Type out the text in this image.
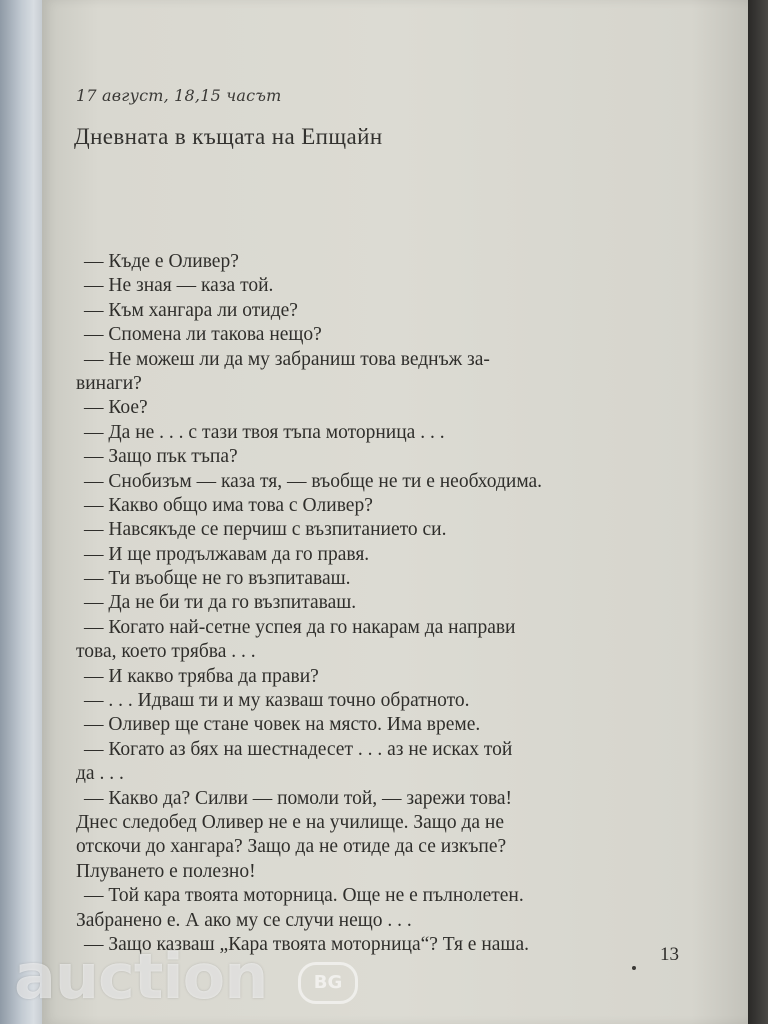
17 август, 18,15 часът
Дневната в къщата на Епщайн
— Къде е Оливер?
— Не зная — каза той.
— Към хангара ли отиде?
— Спомена ли такова нещо?
— Не можеш ли да му забраниш това веднъж за-
винаги?
— Кое?
— Да не . . . с тази твоя тъпа моторница . . .
— Защо пък тъпа?
— Снобизъм — каза тя, — въобще не ти е необходима.
— Какво общо има това с Оливер?
— Навсякъде се перчиш с възпитанието си.
— И ще продължавам да го правя.
— Ти въобще не го възпитаваш.
— Да не би ти да го възпитаваш.
— Когато най-сетне успея да го накарам да направи
това, което трябва . . .
— И какво трябва да прави?
— . . . Идваш ти и му казваш точно обратното.
— Оливер ще стане човек на място. Има време.
— Когато аз бях на шестнадесет . . . аз не исках той
да . . .
— Какво да? Силви — помоли той, — зарежи това!
Днес следобед Оливер не е на училище. Защо да не
отскочи до хангара? Защо да не отиде да се изкъпе?
Плуването е полезно!
— Той кара твоята моторница. Още не е пълнолетен.
Забранено е. А ако му се случи нещо . . .
— Защо казваш „Кара твоята моторница“? Тя е наша.	13
auction	BG
